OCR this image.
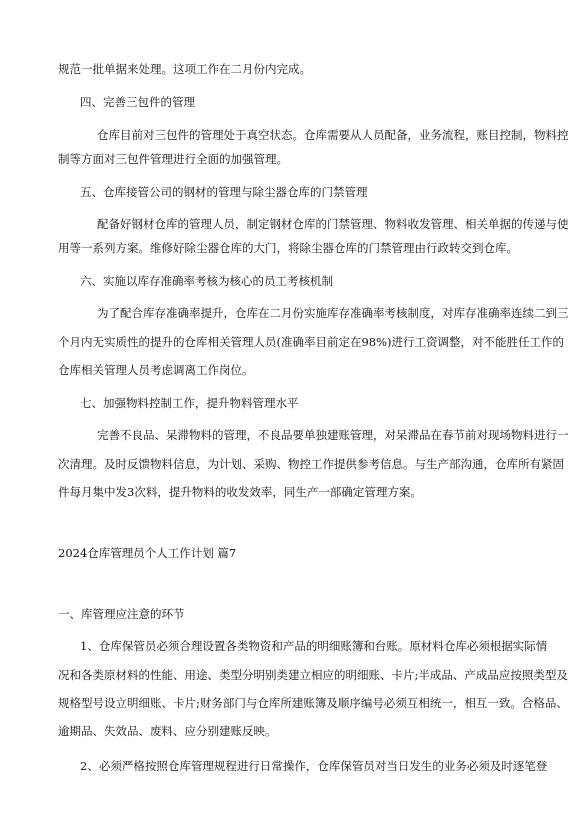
规范一批单据来处理。这项工作在二月份内完成。
四、完善三包件的管理
仓库目前对三包件的管理处于真空状态。仓库需要从人员配备，业务流程，账目控制，物料控
制等方面对三包件管理进行全面的加强管理。
五、仓库接管公司的钢材的管理与除尘器仓库的门禁管理
配备好钢材仓库的管理人员，制定钢材仓库的门禁管理、物料收发管理、相关单据的传递与使
用等一系列方案。维修好除尘器仓库的大门，将除尘器仓库的门禁管理由行政转交到仓库。
六、实施以库存准确率考核为核心的员工考核机制
为了配合库存准确率提升，仓库在二月份实施库存准确率考核制度，对库存准确率连续二到三
个月内无实质性的提升的仓库相关管理人员(准确率目前定在98%)进行工资调整，对不能胜任工作的
仓库相关管理人员考虑调离工作岗位。
七、加强物料控制工作，提升物料管理水平
完善不良品、呆滞物料的管理，不良品要单独建账管理，对呆滞品在春节前对现场物料进行一
次清理。及时反馈物料信息，为计划、采购、物控工作提供参考信息。与生产部沟通，仓库所有紧固
件每月集中发3次料，提升物料的收发效率，同生产一部确定管理方案。
2024仓库管理员个人工作计划 篇7
一、库管理应注意的环节
1、仓库保管员必须合理设置各类物资和产品的明细账簿和台账。原材料仓库必须根据实际情
况和各类原材料的性能、用途、类型分明别类建立相应的明细账、卡片;半成品、产成品应按照类型及
规格型号设立明细账、卡片;财务部门与仓库所建账簿及顺序编号必须互相统一，相互一致。合格品、
逾期品、失效品、废料、应分别建账反映。
2、必须严格按照仓库管理规程进行日常操作，仓库保管员对当日发生的业务必须及时逐笔登
